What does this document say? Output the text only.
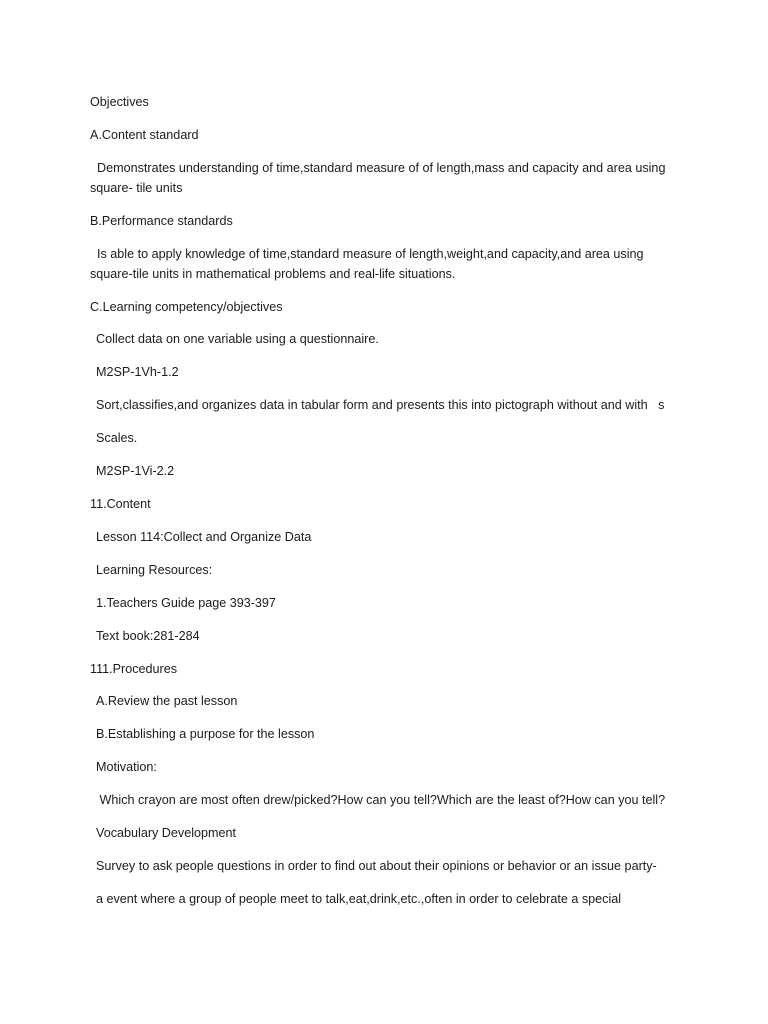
Objectives
A.Content standard
Demonstrates understanding of time,standard measure of of length,mass and capacity and area using
square- tile units
B.Performance standards
Is able to apply knowledge of time,standard measure of length,weight,and capacity,and area using
square-tile units in mathematical problems and real-life situations.
C.Learning competency/objectives
Collect data on one variable using a questionnaire.
M2SP-1Vh-1.2
Sort,classifies,and organizes data in tabular form and presents this into pictograph without and with   s
Scales.
M2SP-1Vi-2.2
11.Content
Lesson 114:Collect and Organize Data
Learning Resources:
1.Teachers Guide page 393-397
Text book:281-284
111.Procedures
A.Review the past lesson
B.Establishing a purpose for the lesson
Motivation:
Which crayon are most often drew/picked?How can you tell?Which are the least of?How can you tell?
Vocabulary Development
Survey to ask people questions in order to find out about their opinions or behavior or an issue party-
a event where a group of people meet to talk,eat,drink,etc.,often in order to celebrate a special
